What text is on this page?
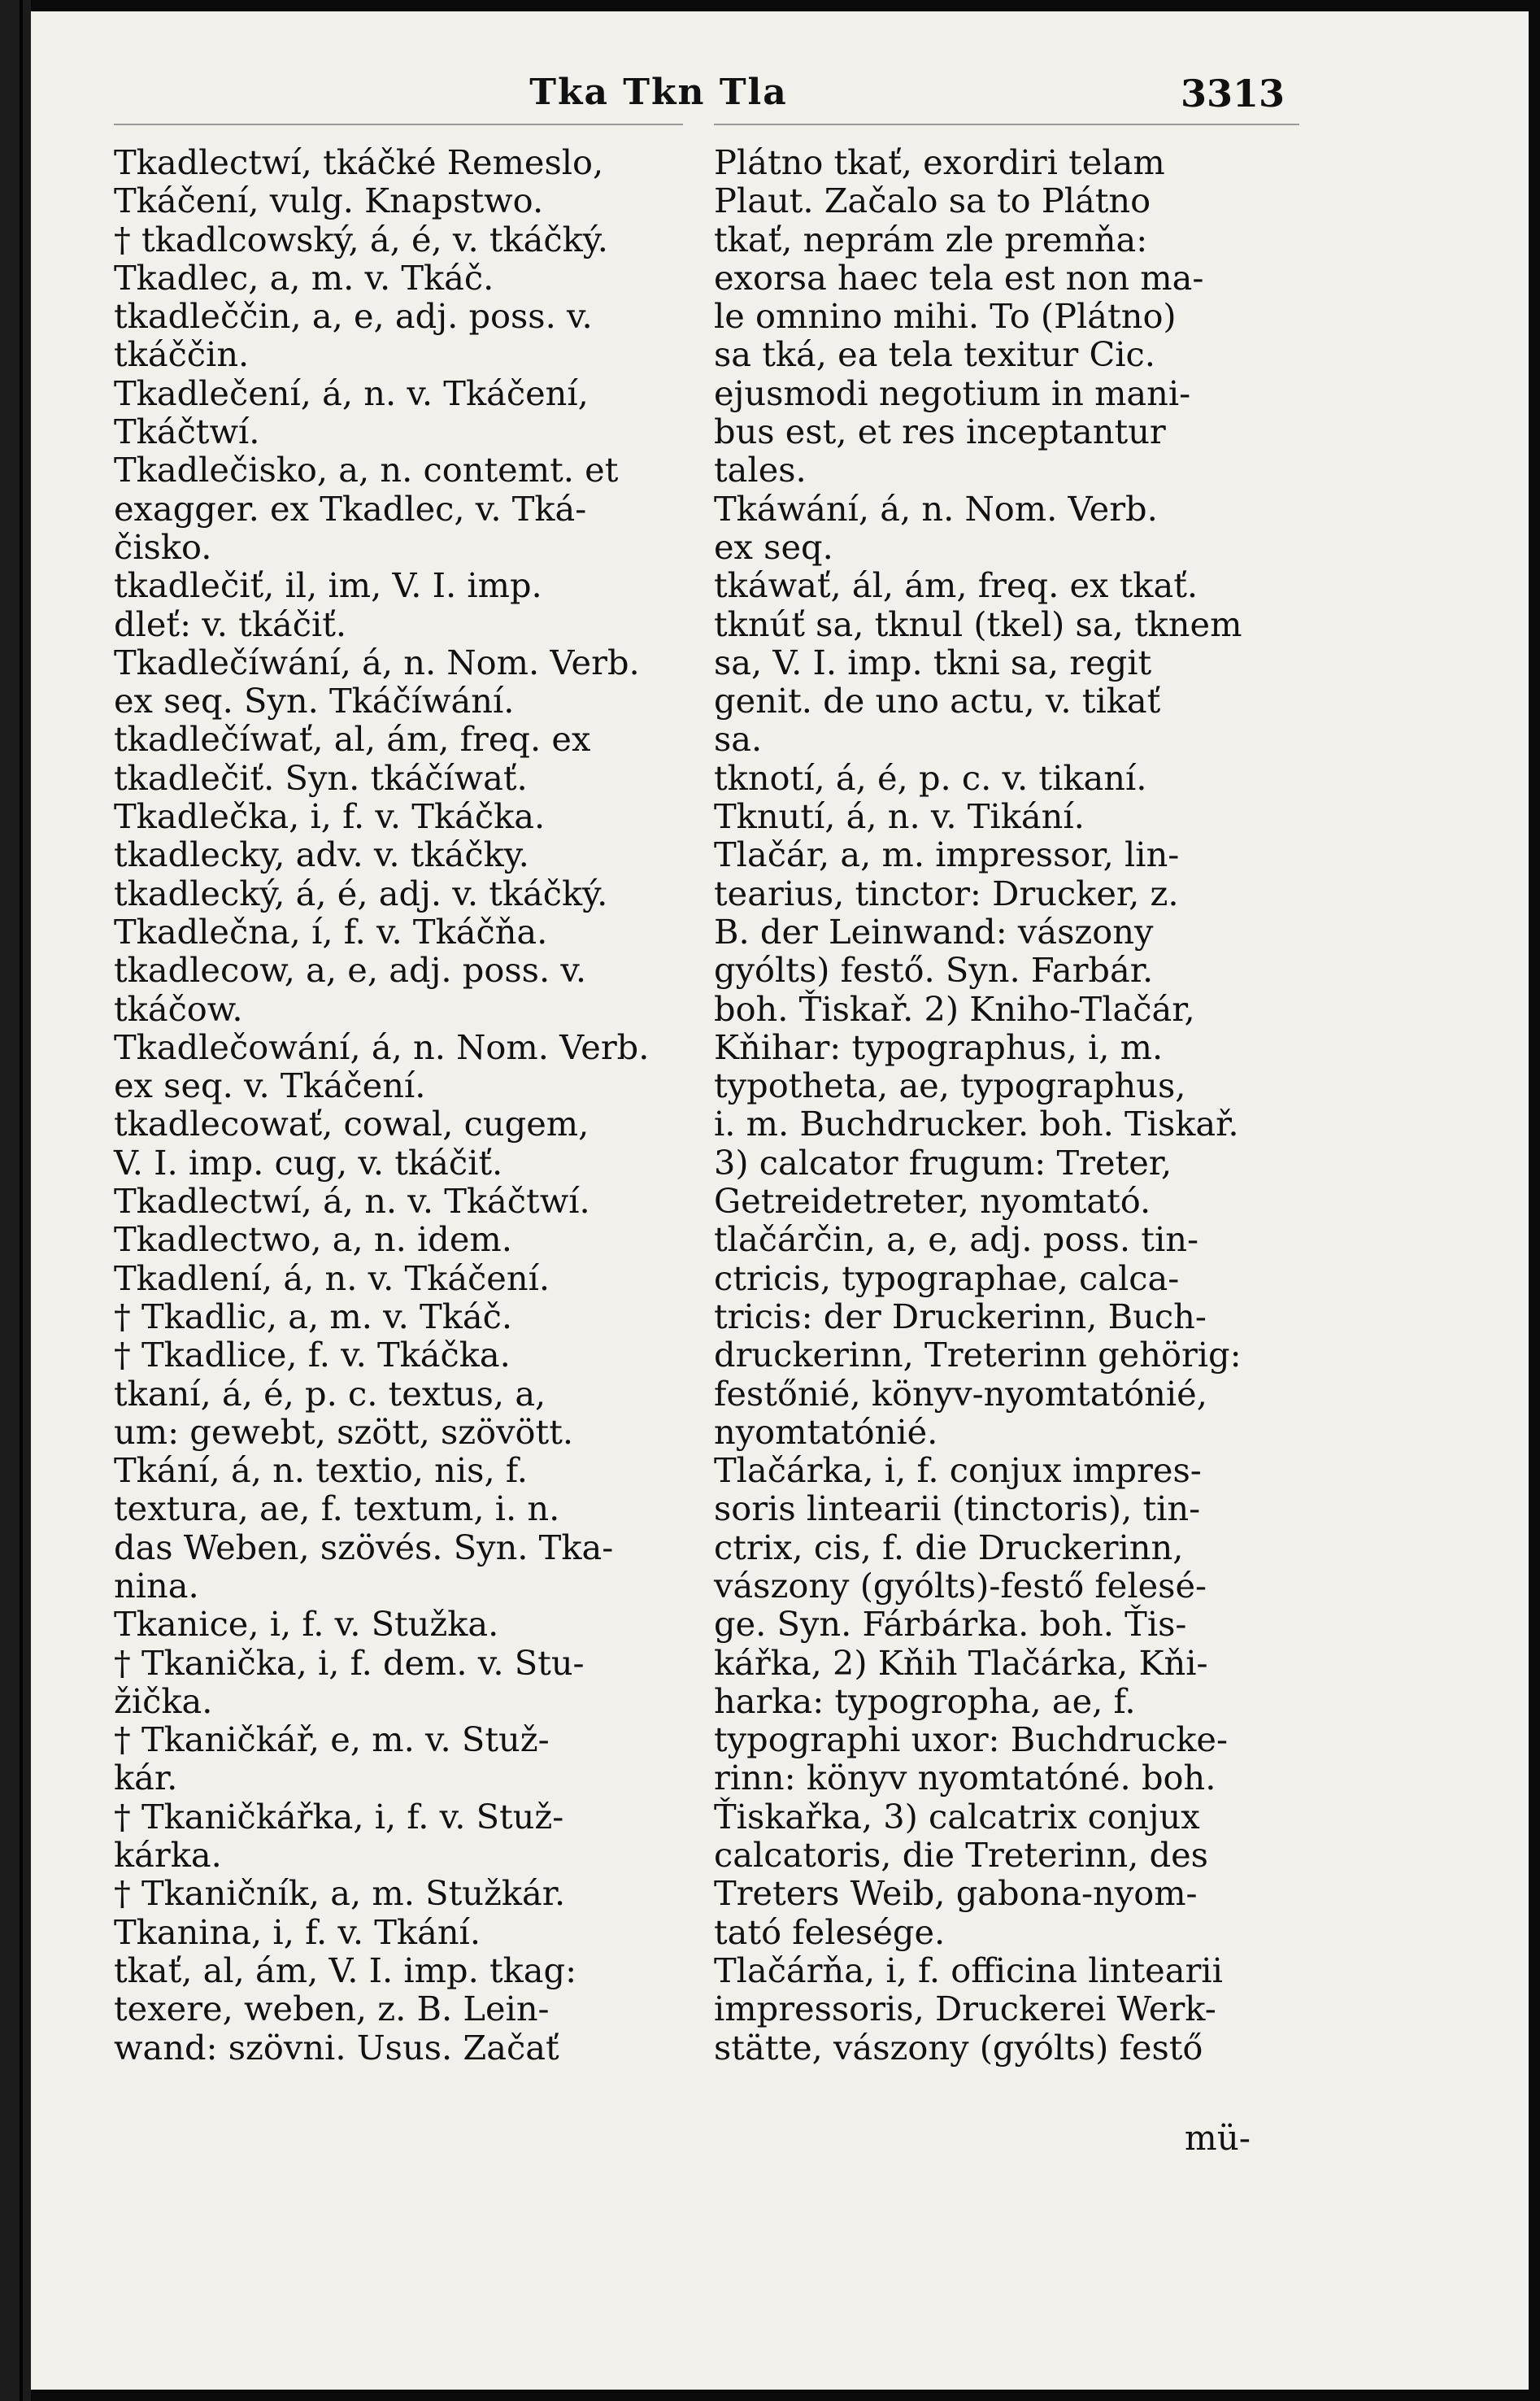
Tka Tkn Tla	3313
Tkadlectwí, tkáčké Remeslo,
Tkáčení, vulg. Knapstwo.
† tkadlcowský, á, é, v. tkáčký.
Tkadlec, a, m. v. Tkáč.
tkadleččin, a, e, adj. poss. v.
tkáččin.
Tkadlečení, á, n. v. Tkáčení,
Tkáčtwí.
Tkadlečisko, a, n. contemt. et
exagger. ex Tkadlec, v. Tká-
čisko.
tkadlečiť, il, im, V. I. imp.
dleť: v. tkáčiť.
Tkadlečíwání, á, n. Nom. Verb.
ex seq. Syn. Tkáčíwání.
tkadlečíwať, al, ám, freq. ex
tkadlečiť. Syn. tkáčíwať.
Tkadlečka, i, f. v. Tkáčka.
tkadlecky, adv. v. tkáčky.
tkadlecký, á, é, adj. v. tkáčký.
Tkadlečna, í, f. v. Tkáčňa.
tkadlecow, a, e, adj. poss. v.
tkáčow.
Tkadlečowání, á, n. Nom. Verb.
ex seq. v. Tkáčení.
tkadlecowať, cowal, cugem,
V. I. imp. cug, v. tkáčiť.
Tkadlectwí, á, n. v. Tkáčtwí.
Tkadlectwo, a, n. idem.
Tkadlení, á, n. v. Tkáčení.
† Tkadlic, a, m. v. Tkáč.
† Tkadlice, f. v. Tkáčka.
tkaní, á, é, p. c. textus, a,
um: gewebt, szött, szövött.
Tkání, á, n. textio, nis, f.
textura, ae, f. textum, i. n.
das Weben, szövés. Syn. Tka-
nina.
Tkanice, i, f. v. Stužka.
† Tkanička, i, f. dem. v. Stu-
žička.
† Tkaničkář, e, m. v. Stuž-
kár.
† Tkaničkářka, i, f. v. Stuž-
kárka.
† Tkaničník, a, m. Stužkár.
Tkanina, i, f. v. Tkání.
tkať, al, ám, V. I. imp. tkag:
texere, weben, z. B. Lein-
wand: szövni. Usus. Začať
Plátno tkať, exordiri telam
Plaut. Začalo sa to Plátno
tkať, neprám zle premňa:
exorsa haec tela est non ma-
le omnino mihi. To (Plátno)
sa tká, ea tela texitur Cic.
ejusmodi negotium in mani-
bus est, et res inceptantur
tales.
Tkáwání, á, n. Nom. Verb.
ex seq.
tkáwať, ál, ám, freq. ex tkať.
tknúť sa, tknul (tkel) sa, tknem
sa, V. I. imp. tkni sa, regit
genit. de uno actu, v. tikať
sa.
tknotí, á, é, p. c. v. tikaní.
Tknutí, á, n. v. Tikání.
Tlačár, a, m. impressor, lin-
tearius, tinctor: Drucker, z.
B. der Leinwand: vászony
gyólts) festő. Syn. Farbár.
boh. Ťiskař. 2) Kniho-Tlačár,
Kňihar: typographus, i, m.
typotheta, ae, typographus,
i. m. Buchdrucker. boh. Tiskař.
3) calcator frugum: Treter,
Getreidetreter, nyomtató.
tlačárčin, a, e, adj. poss. tin-
ctricis, typographae, calca-
tricis: der Druckerinn, Buch-
druckerinn, Treterinn gehörig:
festőnié, könyv-nyomtatónié,
nyomtatónié.
Tlačárka, i, f. conjux impres-
soris lintearii (tinctoris), tin-
ctrix, cis, f. die Druckerinn,
vászony (gyólts)-festő felesé-
ge. Syn. Fárbárka. boh. Ťis-
kářka, 2) Kňih Tlačárka, Kňi-
harka: typogropha, ae, f.
typographi uxor: Buchdrucke-
rinn: könyv nyomtatóné. boh.
Ťiskařka, 3) calcatrix conjux
calcatoris, die Treterinn, des
Treters Weib, gabona-nyom-
tató felesége.
Tlačárňa, i, f. officina lintearii
impressoris, Druckerei Werk-
stätte, vászony (gyólts) festő
mü-
